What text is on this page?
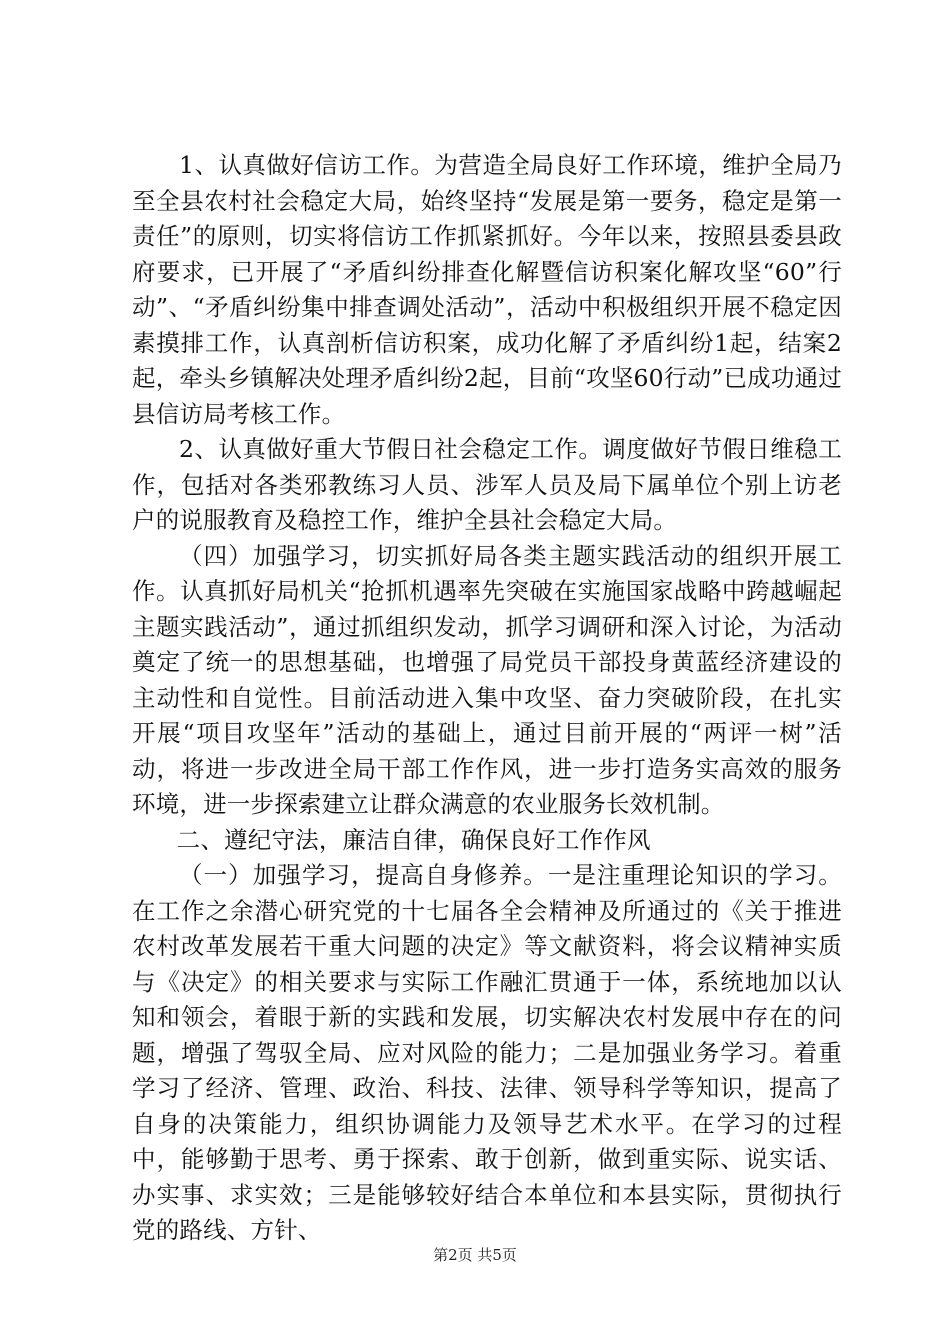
1、认真做好信访工作。为营造全局良好工作环境，维护全局乃至全县农村社会稳定大局，始终坚持“发展是第一要务，稳定是第一责任”的原则，切实将信访工作抓紧抓好。今年以来，按照县委县政府要求，已开展了“矛盾纠纷排查化解暨信访积案化解攻坚“60”行动”、“矛盾纠纷集中排查调处活动”，活动中积极组织开展不稳定因素摸排工作，认真剖析信访积案，成功化解了矛盾纠纷1起，结案2起，牵头乡镇解决处理矛盾纠纷2起，目前“攻坚60行动”已成功通过县信访局考核工作。

2、认真做好重大节假日社会稳定工作。调度做好节假日维稳工作，包括对各类邪教练习人员、涉军人员及局下属单位个别上访老户的说服教育及稳控工作，维护全县社会稳定大局。

（四）加强学习，切实抓好局各类主题实践活动的组织开展工作。认真抓好局机关“抢抓机遇率先突破在实施国家战略中跨越崛起主题实践活动”，通过抓组织发动，抓学习调研和深入讨论，为活动奠定了统一的思想基础，也增强了局党员干部投身黄蓝经济建设的主动性和自觉性。目前活动进入集中攻坚、奋力突破阶段，在扎实开展“项目攻坚年”活动的基础上，通过目前开展的“两评一树”活动，将进一步改进全局干部工作作风，进一步打造务实高效的服务环境，进一步探索建立让群众满意的农业服务长效机制。

二、遵纪守法，廉洁自律，确保良好工作作风

（一）加强学习，提高自身修养。一是注重理论知识的学习。在工作之余潜心研究党的十七届各全会精神及所通过的《关于推进农村改革发展若干重大问题的决定》等文献资料，将会议精神实质与《决定》的相关要求与实际工作融汇贯通于一体，系统地加以认知和领会，着眼于新的实践和发展，切实解决农村发展中存在的问题，增强了驾驭全局、应对风险的能力；二是加强业务学习。着重学习了经济、管理、政治、科技、法律、领导科学等知识，提高了自身的决策能力，组织协调能力及领导艺术水平。在学习的过程中，能够勤于思考、勇于探索、敢于创新，做到重实际、说实话、办实事、求实效；三是能够较好结合本单位和本县实际，贯彻执行党的路线、方针、

第2页 共5页
